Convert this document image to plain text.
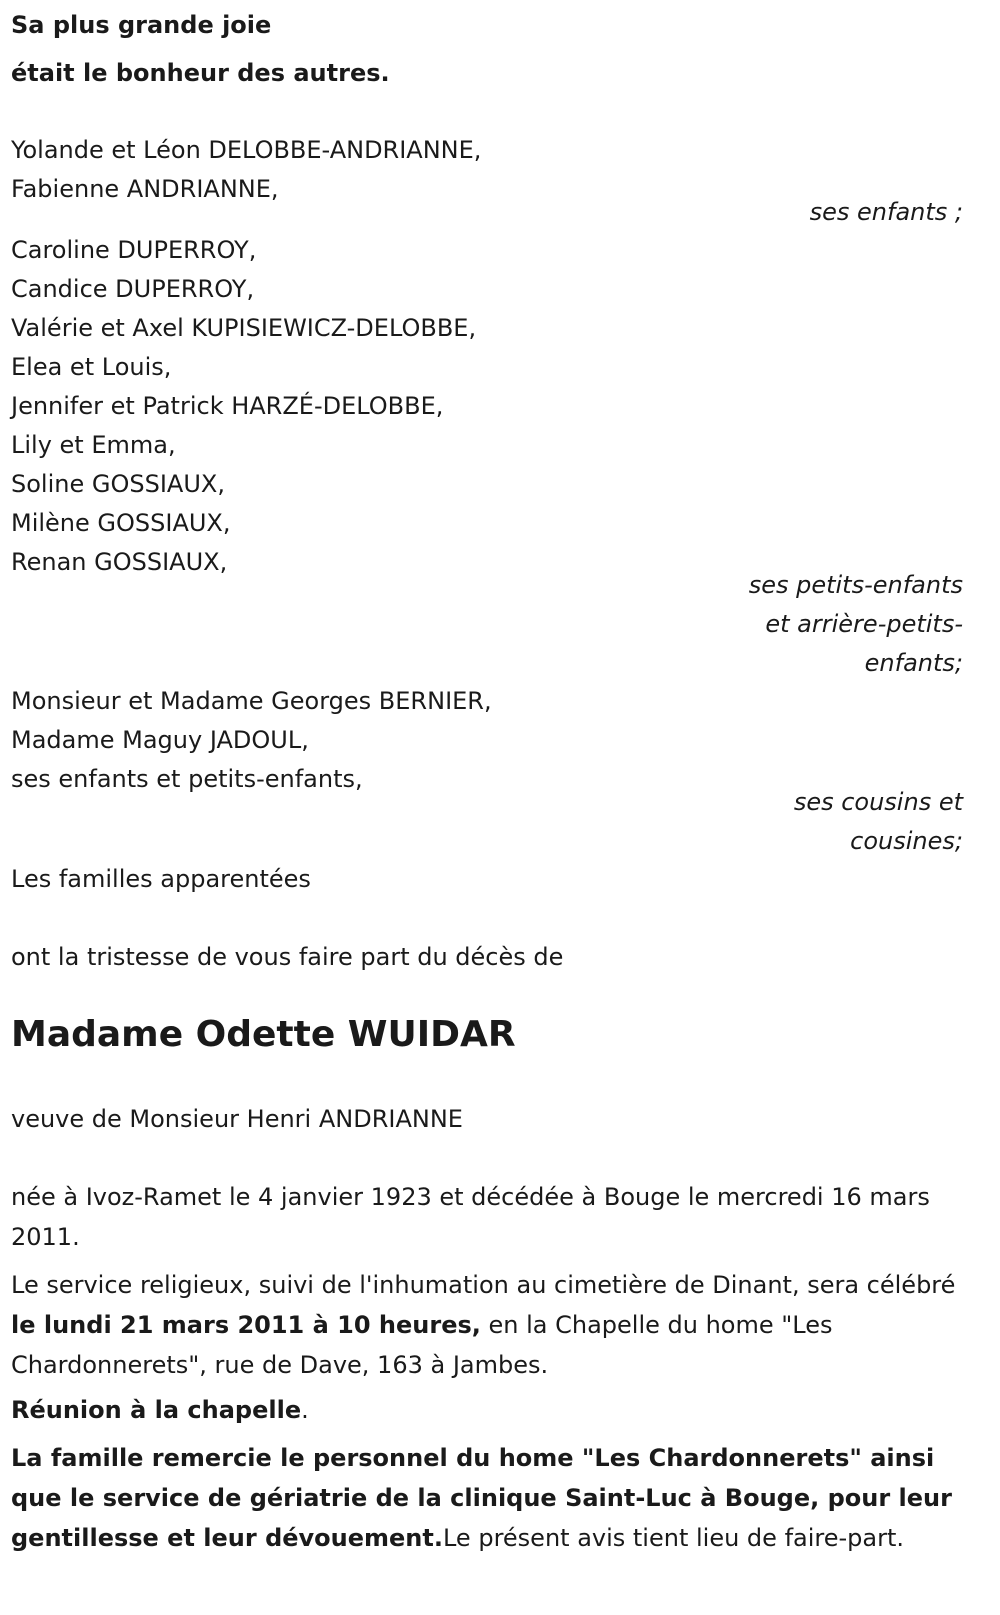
Sa plus grande joie
était le bonheur des autres.
Yolande et Léon DELOBBE-ANDRIANNE,
Fabienne ANDRIANNE,
ses enfants ;
Caroline DUPERROY,
Candice DUPERROY,
Valérie et Axel KUPISIEWICZ-DELOBBE,
Elea et Louis,
Jennifer et Patrick HARZÉ-DELOBBE,
Lily et Emma,
Soline GOSSIAUX,
Milène GOSSIAUX,
Renan GOSSIAUX,
ses petits-enfants
et arrière-petits-
enfants;
Monsieur et Madame Georges BERNIER,
Madame Maguy JADOUL,
ses enfants et petits-enfants,
ses cousins et
cousines;
Les familles apparentées
ont la tristesse de vous faire part du décès de
Madame Odette WUIDAR
veuve de Monsieur Henri ANDRIANNE
née à Ivoz-Ramet le 4 janvier 1923 et décédée à Bouge le mercredi 16 mars 2011.
Le service religieux, suivi de l'inhumation au cimetière de Dinant, sera célébré le lundi 21 mars 2011 à 10 heures, en la Chapelle du home "Les Chardonnerets", rue de Dave, 163 à Jambes.
Réunion à la chapelle.
La famille remercie le personnel du home "Les Chardonnerets" ainsi que le service de gériatrie de la clinique Saint-Luc à Bouge, pour leur gentillesse et leur dévouement.Le présent avis tient lieu de faire-part.
